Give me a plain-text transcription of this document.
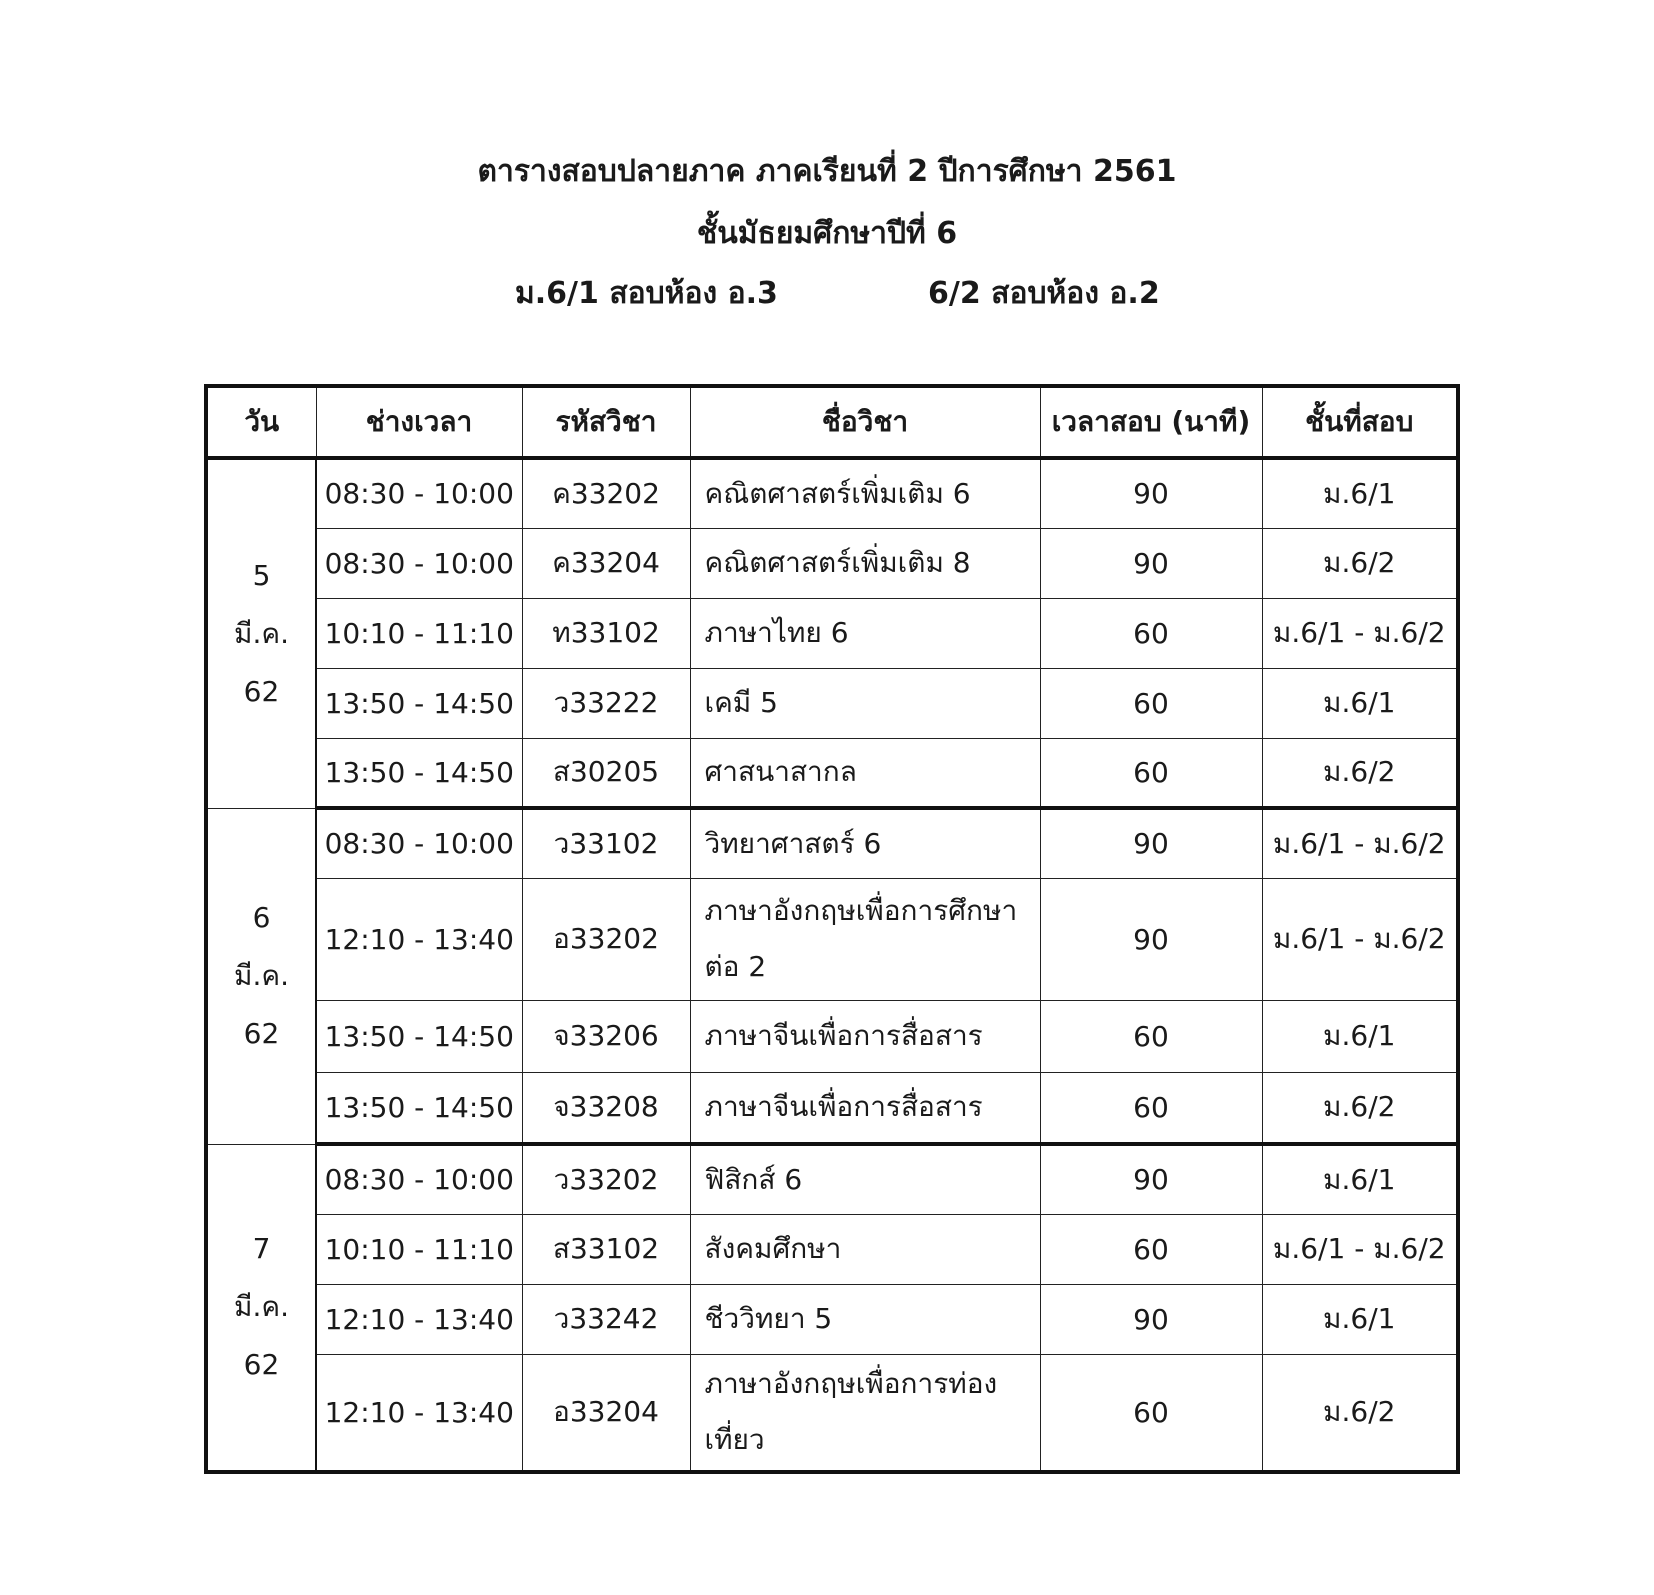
ตารางสอบปลายภาค ภาคเรียนที่ 2 ปีการศึกษา 2561
ชั้นมัธยมศึกษาปีที่ 6
ม.6/1 สอบห้อง อ.3	6/2 สอบห้อง อ.2
วัน	ช่างเวลา	รหัสวิชา	ชื่อวิชา	เวลาสอบ (นาที)	ชั้นที่สอบ

5
มี.ค.
62	08:30 - 10:00	ค33202	คณิตศาสตร์เพิ่มเติม 6	90	ม.6/1
	08:30 - 10:00	ค33204	คณิตศาสตร์เพิ่มเติม 8	90	ม.6/2
	10:10 - 11:10	ท33102	ภาษาไทย 6	60	ม.6/1 - ม.6/2
	13:50 - 14:50	ว33222	เคมี 5	60	ม.6/1
	13:50 - 14:50	ส30205	ศาสนาสากล	60	ม.6/2

6
มี.ค.
62	08:30 - 10:00	ว33102	วิทยาศาสตร์ 6	90	ม.6/1 - ม.6/2
	12:10 - 13:40	อ33202	ภาษาอังกฤษเพื่อการศึกษาต่อ 2	90	ม.6/1 - ม.6/2
	13:50 - 14:50	จ33206	ภาษาจีนเพื่อการสื่อสาร	60	ม.6/1
	13:50 - 14:50	จ33208	ภาษาจีนเพื่อการสื่อสาร	60	ม.6/2

7
มี.ค.
62	08:30 - 10:00	ว33202	ฟิสิกส์ 6	90	ม.6/1
	10:10 - 11:10	ส33102	สังคมศึกษา	60	ม.6/1 - ม.6/2
	12:10 - 13:40	ว33242	ชีววิทยา 5	90	ม.6/1
	12:10 - 13:40	อ33204	ภาษาอังกฤษเพื่อการท่องเที่ยว	60	ม.6/2
